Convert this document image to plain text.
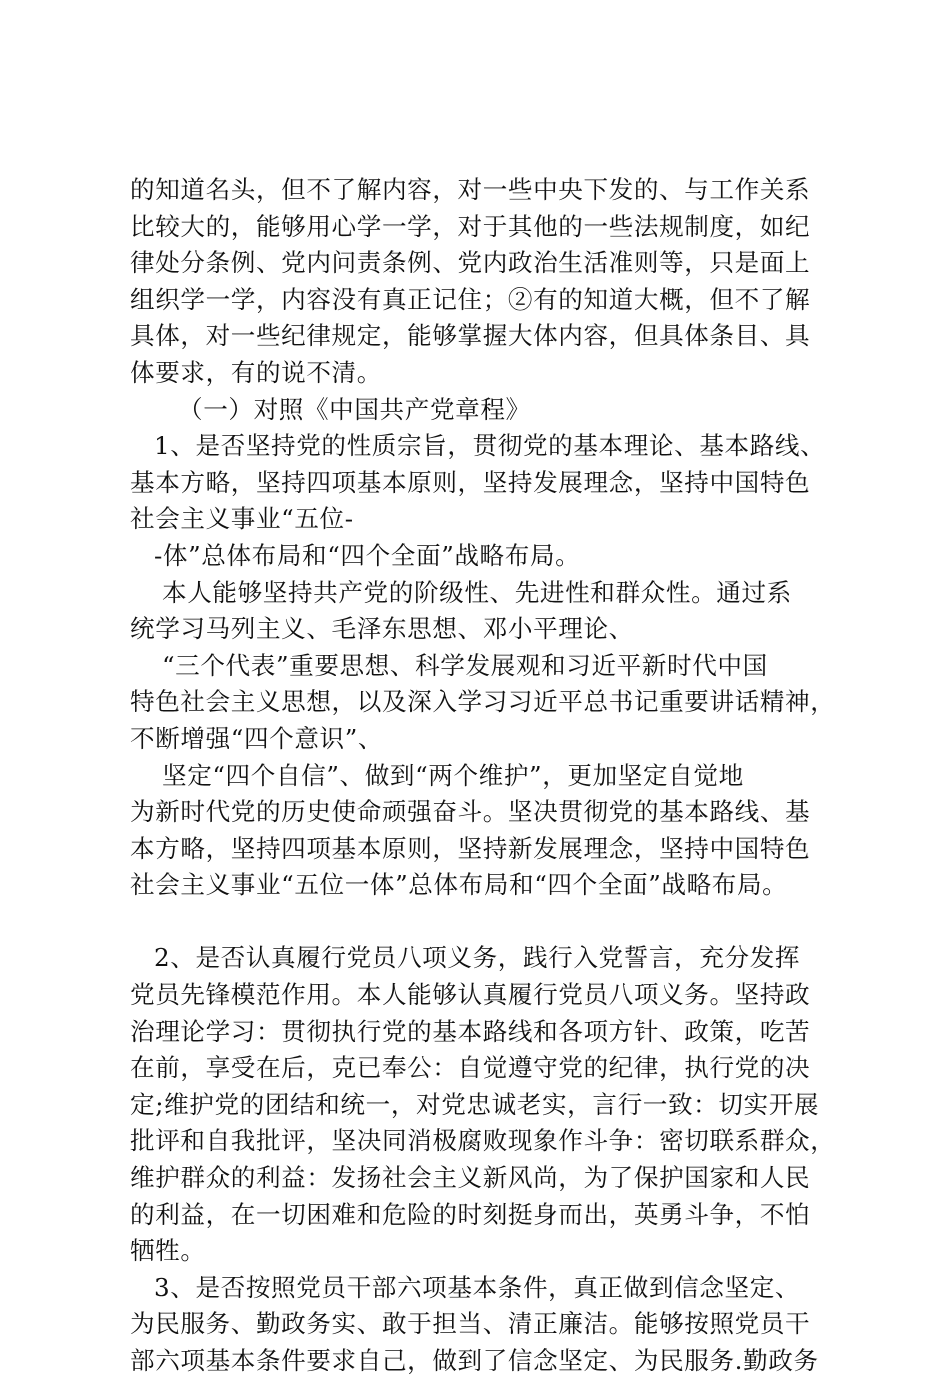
的知道名头，但不了解内容，对一些中央下发的、与工作关系
比较大的，能够用心学一学，对于其他的一些法规制度，如纪
律处分条例、党内问责条例、党内政治生活准则等，只是面上
组织学一学，内容没有真正记住；②有的知道大概，但不了解
具体，对一些纪律规定，能够掌握大体内容，但具体条目、具
体要求，有的说不清。
（一）对照《中国共产党章程》
1、是否坚持党的性质宗旨，贯彻党的基本理论、基本路线、
基本方略，坚持四项基本原则，坚持发展理念，坚持中国特色
社会主义事业“五位-
-体”总体布局和“四个全面”战略布局。
本人能够坚持共产党的阶级性、先进性和群众性。通过系
统学习马列主义、毛泽东思想、邓小平理论、
“三个代表”重要思想、科学发展观和习近平新时代中国
特色社会主义思想，以及深入学习习近平总书记重要讲话精神，
不断增强“四个意识”、
坚定“四个自信”、做到“两个维护”，更加坚定自觉地
为新时代党的历史使命顽强奋斗。坚决贯彻党的基本路线、基
本方略，坚持四项基本原则，坚持新发展理念，坚持中国特色
社会主义事业“五位一体”总体布局和“四个全面”战略布局。
2、是否认真履行党员八项义务，践行入党誓言，充分发挥
党员先锋模范作用。本人能够认真履行党员八项义务。坚持政
治理论学习：贯彻执行党的基本路线和各项方针、政策，吃苦
在前，享受在后，克已奉公：自觉遵守党的纪律，执行党的决
定;维护党的团结和统一，对党忠诚老实，言行一致：切实开展
批评和自我批评，坚决同消极腐败现象作斗争：密切联系群众，
维护群众的利益：发扬社会主义新风尚，为了保护国家和人民
的利益，在一切困难和危险的时刻挺身而出，英勇斗争，不怕
牺牲。
3、是否按照党员干部六项基本条件，真正做到信念坚定、
为民服务、勤政务实、敢于担当、清正廉洁。能够按照党员干
部六项基本条件要求自己，做到了信念坚定、为民服务.勤政务
